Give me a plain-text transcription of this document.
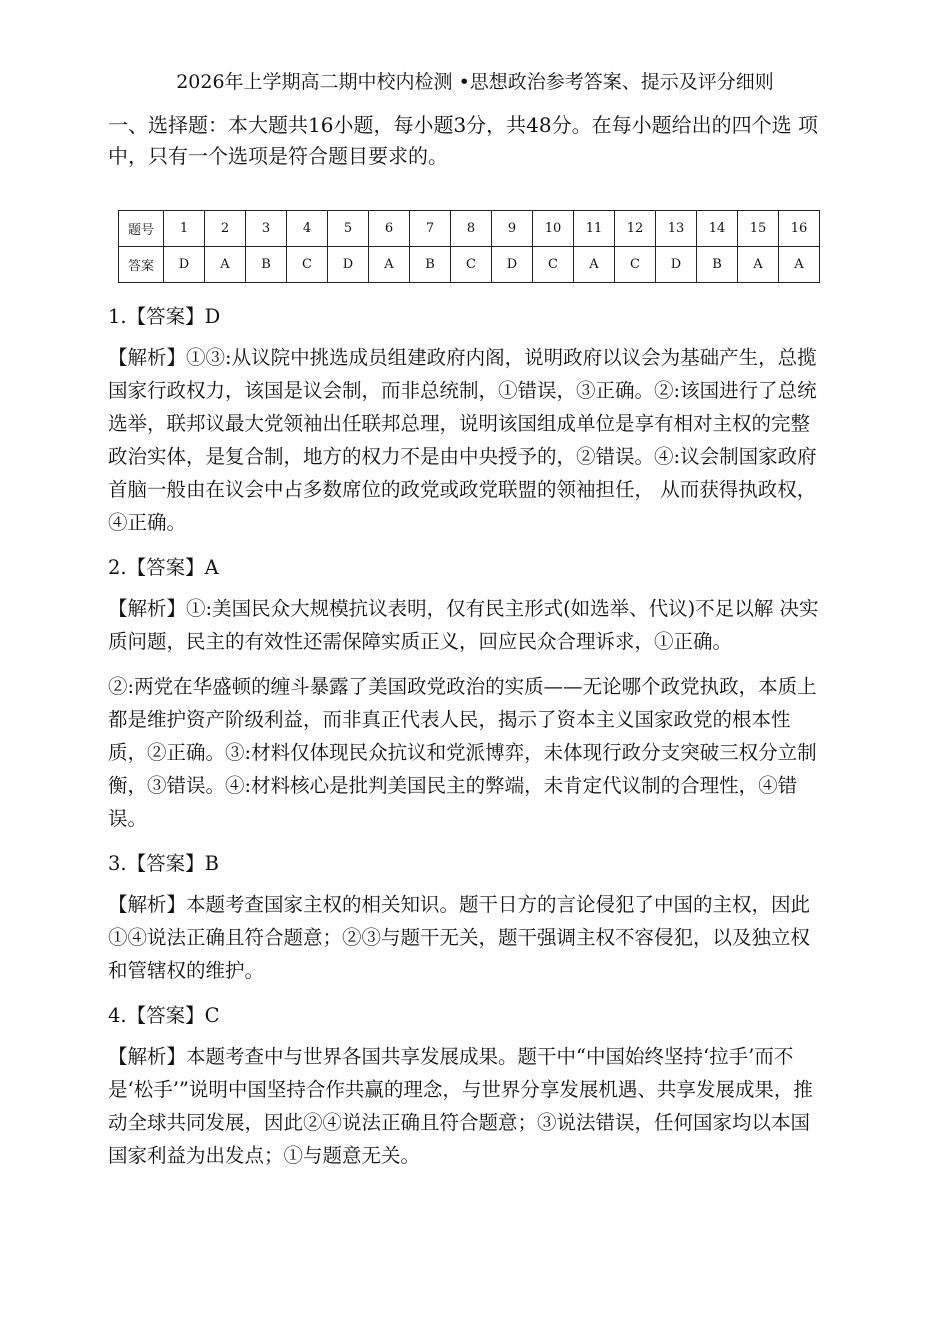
2026年上学期高二期中校内检测 •思想政治参考答案、提示及评分细则
一、选择题：本大题共16小题，每小题3分，共48分。在每小题给出的四个选 项中，只有一个选项是符合题目要求的。
题号	1	2	3	4	5	6	7	8	9	10	11	12	13	14	15	16
答案	D	A	B	C	D	A	B	C	D	C	A	C	D	B	A	A

1.【答案】D

【解析】①③:从议院中挑选成员组建政府内阁，说明政府以议会为基础产生，总揽国家行政权力，该国是议会制，而非总统制，①错误，③正确。②:该国进行了总统选举，联邦议最大党领袖出任联邦总理，说明该国组成单位是享有相对主权的完整政治实体，是复合制，地方的权力不是由中央授予的，②错误。④:议会制国家政府首脑一般由在议会中占多数席位的政党或政党联盟的领袖担任， 从而获得执政权，④正确。

2.【答案】A

【解析】①:美国民众大规模抗议表明，仅有民主形式(如选举、代议)不足以解 决实质问题，民主的有效性还需保障实质正义，回应民众合理诉求，①正确。

②:两党在华盛顿的缠斗暴露了美国政党政治的实质——无论哪个政党执政，本质上都是维护资产阶级利益，而非真正代表人民，揭示了资本主义国家政党的根本性质，②正确。③:材料仅体现民众抗议和党派博弈，未体现行政分支突破三权分立制衡，③错误。④:材料核心是批判美国民主的弊端，未肯定代议制的合理性，④错误。

3.【答案】B

【解析】本题考查国家主权的相关知识。题干日方的言论侵犯了中国的主权，因此①④说法正确且符合题意；②③与题干无关，题干强调主权不容侵犯，以及独立权和管辖权的维护。

4.【答案】C

【解析】本题考查中与世界各国共享发展成果。题干中“中国始终坚持‘拉手’而不是‘松手’”说明中国坚持合作共赢的理念，与世界分享发展机遇、共享发展成果，推动全球共同发展，因此②④说法正确且符合题意；③说法错误，任何国家均以本国国家利益为出发点；①与题意无关。
